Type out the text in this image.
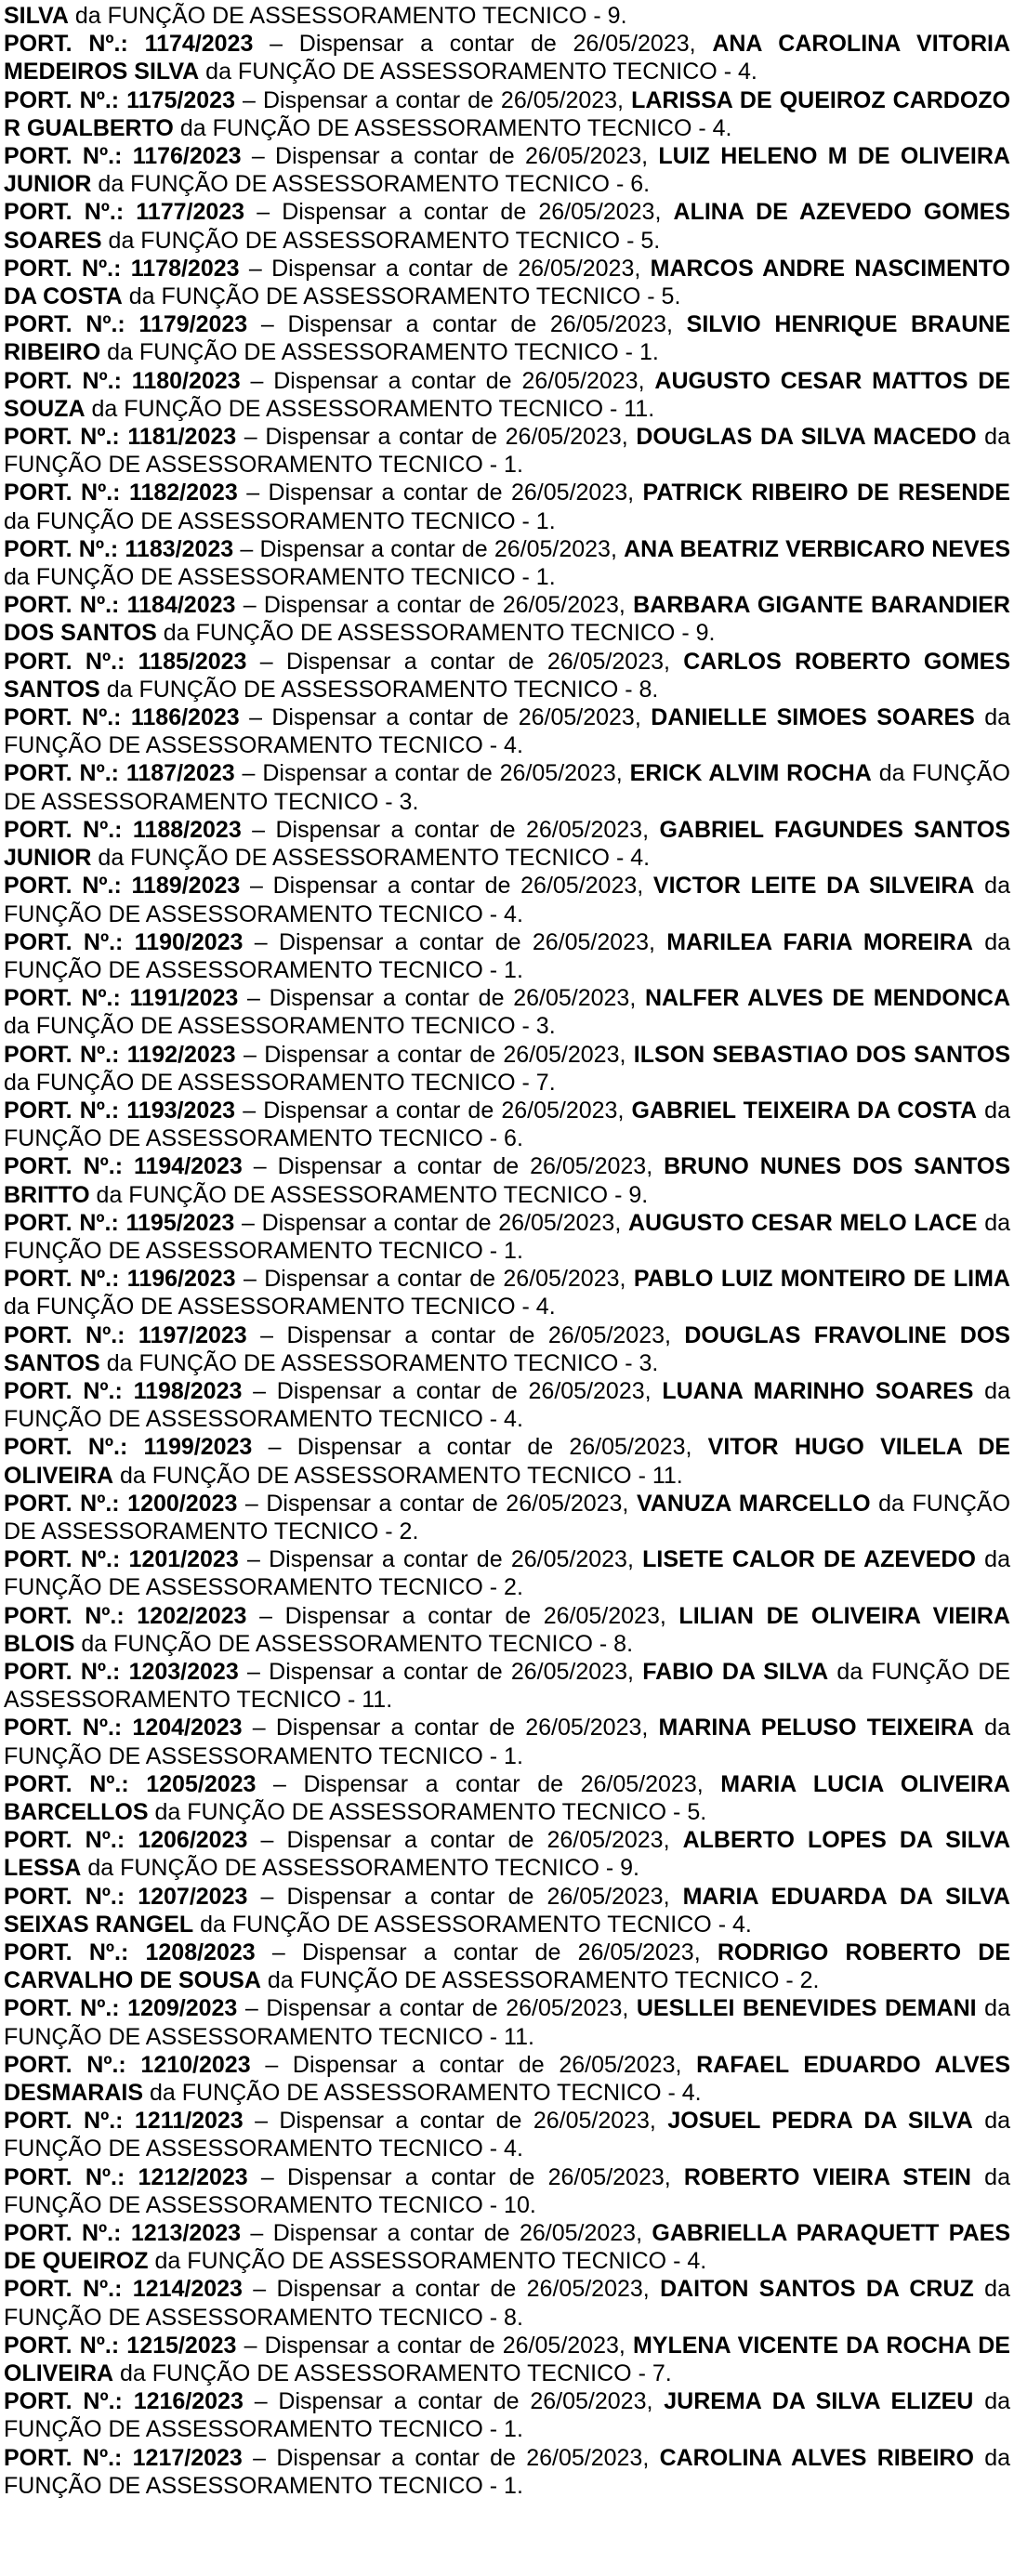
SILVA da FUNÇÃO DE ASSESSORAMENTO TECNICO - 9.

PORT. Nº.: 1174/2023 – Dispensar a contar de 26/05/2023, ANA CAROLINA VITORIA MEDEIROS SILVA da FUNÇÃO DE ASSESSORAMENTO TECNICO - 4.

PORT. Nº.: 1175/2023 – Dispensar a contar de 26/05/2023, LARISSA DE QUEIROZ CARDOZO R GUALBERTO da FUNÇÃO DE ASSESSORAMENTO TECNICO - 4.

PORT. Nº.: 1176/2023 – Dispensar a contar de 26/05/2023, LUIZ HELENO M DE OLIVEIRA JUNIOR da FUNÇÃO DE ASSESSORAMENTO TECNICO - 6.

PORT. Nº.: 1177/2023 – Dispensar a contar de 26/05/2023, ALINA DE AZEVEDO GOMES SOARES da FUNÇÃO DE ASSESSORAMENTO TECNICO - 5.

PORT. Nº.: 1178/2023 – Dispensar a contar de 26/05/2023, MARCOS ANDRE NASCIMENTO DA COSTA da FUNÇÃO DE ASSESSORAMENTO TECNICO - 5.

PORT. Nº.: 1179/2023 – Dispensar a contar de 26/05/2023, SILVIO HENRIQUE BRAUNE RIBEIRO da FUNÇÃO DE ASSESSORAMENTO TECNICO - 1.

PORT. Nº.: 1180/2023 – Dispensar a contar de 26/05/2023, AUGUSTO CESAR MATTOS DE SOUZA da FUNÇÃO DE ASSESSORAMENTO TECNICO - 11.

PORT. Nº.: 1181/2023 – Dispensar a contar de 26/05/2023, DOUGLAS DA SILVA MACEDO da FUNÇÃO DE ASSESSORAMENTO TECNICO - 1.

PORT. Nº.: 1182/2023 – Dispensar a contar de 26/05/2023, PATRICK RIBEIRO DE RESENDE da FUNÇÃO DE ASSESSORAMENTO TECNICO - 1.

PORT. Nº.: 1183/2023 – Dispensar a contar de 26/05/2023, ANA BEATRIZ VERBICARO NEVES da FUNÇÃO DE ASSESSORAMENTO TECNICO - 1.

PORT. Nº.: 1184/2023 – Dispensar a contar de 26/05/2023, BARBARA GIGANTE BARANDIER DOS SANTOS da FUNÇÃO DE ASSESSORAMENTO TECNICO - 9.

PORT. Nº.: 1185/2023 – Dispensar a contar de 26/05/2023, CARLOS ROBERTO GOMES SANTOS da FUNÇÃO DE ASSESSORAMENTO TECNICO - 8.

PORT. Nº.: 1186/2023 – Dispensar a contar de 26/05/2023, DANIELLE SIMOES SOARES da FUNÇÃO DE ASSESSORAMENTO TECNICO - 4.

PORT. Nº.: 1187/2023 – Dispensar a contar de 26/05/2023, ERICK ALVIM ROCHA da FUNÇÃO DE ASSESSORAMENTO TECNICO - 3.

PORT. Nº.: 1188/2023 – Dispensar a contar de 26/05/2023, GABRIEL FAGUNDES SANTOS JUNIOR da FUNÇÃO DE ASSESSORAMENTO TECNICO - 4.

PORT. Nº.: 1189/2023 – Dispensar a contar de 26/05/2023, VICTOR LEITE DA SILVEIRA da FUNÇÃO DE ASSESSORAMENTO TECNICO - 4.

PORT. Nº.: 1190/2023 – Dispensar a contar de 26/05/2023, MARILEA FARIA MOREIRA da FUNÇÃO DE ASSESSORAMENTO TECNICO - 1.

PORT. Nº.: 1191/2023 – Dispensar a contar de 26/05/2023, NALFER ALVES DE MENDONCA da FUNÇÃO DE ASSESSORAMENTO TECNICO - 3.

PORT. Nº.: 1192/2023 – Dispensar a contar de 26/05/2023, ILSON SEBASTIAO DOS SANTOS da FUNÇÃO DE ASSESSORAMENTO TECNICO - 7.

PORT. Nº.: 1193/2023 – Dispensar a contar de 26/05/2023, GABRIEL TEIXEIRA DA COSTA da FUNÇÃO DE ASSESSORAMENTO TECNICO - 6.

PORT. Nº.: 1194/2023 – Dispensar a contar de 26/05/2023, BRUNO NUNES DOS SANTOS BRITTO da FUNÇÃO DE ASSESSORAMENTO TECNICO - 9.

PORT. Nº.: 1195/2023 – Dispensar a contar de 26/05/2023, AUGUSTO CESAR MELO LACE da FUNÇÃO DE ASSESSORAMENTO TECNICO - 1.

PORT. Nº.: 1196/2023 – Dispensar a contar de 26/05/2023, PABLO LUIZ MONTEIRO DE LIMA da FUNÇÃO DE ASSESSORAMENTO TECNICO - 4.

PORT. Nº.: 1197/2023 – Dispensar a contar de 26/05/2023, DOUGLAS FRAVOLINE DOS SANTOS da FUNÇÃO DE ASSESSORAMENTO TECNICO - 3.

PORT. Nº.: 1198/2023 – Dispensar a contar de 26/05/2023, LUANA MARINHO SOARES da FUNÇÃO DE ASSESSORAMENTO TECNICO - 4.

PORT. Nº.: 1199/2023 – Dispensar a contar de 26/05/2023, VITOR HUGO VILELA DE OLIVEIRA da FUNÇÃO DE ASSESSORAMENTO TECNICO - 11.

PORT. Nº.: 1200/2023 – Dispensar a contar de 26/05/2023, VANUZA MARCELLO da FUNÇÃO DE ASSESSORAMENTO TECNICO - 2.

PORT. Nº.: 1201/2023 – Dispensar a contar de 26/05/2023, LISETE CALOR DE AZEVEDO da FUNÇÃO DE ASSESSORAMENTO TECNICO - 2.

PORT. Nº.: 1202/2023 – Dispensar a contar de 26/05/2023, LILIAN DE OLIVEIRA VIEIRA BLOIS da FUNÇÃO DE ASSESSORAMENTO TECNICO - 8.

PORT. Nº.: 1203/2023 – Dispensar a contar de 26/05/2023, FABIO DA SILVA da FUNÇÃO DE ASSESSORAMENTO TECNICO - 11.

PORT. Nº.: 1204/2023 – Dispensar a contar de 26/05/2023, MARINA PELUSO TEIXEIRA da FUNÇÃO DE ASSESSORAMENTO TECNICO - 1.

PORT. Nº.: 1205/2023 – Dispensar a contar de 26/05/2023, MARIA LUCIA OLIVEIRA BARCELLOS da FUNÇÃO DE ASSESSORAMENTO TECNICO - 5.

PORT. Nº.: 1206/2023 – Dispensar a contar de 26/05/2023, ALBERTO LOPES DA SILVA LESSA da FUNÇÃO DE ASSESSORAMENTO TECNICO - 9.

PORT. Nº.: 1207/2023 – Dispensar a contar de 26/05/2023, MARIA EDUARDA DA SILVA SEIXAS RANGEL da FUNÇÃO DE ASSESSORAMENTO TECNICO - 4.

PORT. Nº.: 1208/2023 – Dispensar a contar de 26/05/2023, RODRIGO ROBERTO DE CARVALHO DE SOUSA da FUNÇÃO DE ASSESSORAMENTO TECNICO - 2.

PORT. Nº.: 1209/2023 – Dispensar a contar de 26/05/2023, UESLLEI BENEVIDES DEMANI da FUNÇÃO DE ASSESSORAMENTO TECNICO - 11.

PORT. Nº.: 1210/2023 – Dispensar a contar de 26/05/2023, RAFAEL EDUARDO ALVES DESMARAIS da FUNÇÃO DE ASSESSORAMENTO TECNICO - 4.

PORT. Nº.: 1211/2023 – Dispensar a contar de 26/05/2023, JOSUEL PEDRA DA SILVA da FUNÇÃO DE ASSESSORAMENTO TECNICO - 4.

PORT. Nº.: 1212/2023 – Dispensar a contar de 26/05/2023, ROBERTO VIEIRA STEIN da FUNÇÃO DE ASSESSORAMENTO TECNICO - 10.

PORT. Nº.: 1213/2023 – Dispensar a contar de 26/05/2023, GABRIELLA PARAQUETT PAES DE QUEIROZ da FUNÇÃO DE ASSESSORAMENTO TECNICO - 4.

PORT. Nº.: 1214/2023 – Dispensar a contar de 26/05/2023, DAITON SANTOS DA CRUZ da FUNÇÃO DE ASSESSORAMENTO TECNICO - 8.

PORT. Nº.: 1215/2023 – Dispensar a contar de 26/05/2023, MYLENA VICENTE DA ROCHA DE OLIVEIRA da FUNÇÃO DE ASSESSORAMENTO TECNICO - 7.

PORT. Nº.: 1216/2023 – Dispensar a contar de 26/05/2023, JUREMA DA SILVA ELIZEU da FUNÇÃO DE ASSESSORAMENTO TECNICO - 1.

PORT. Nº.: 1217/2023 – Dispensar a contar de 26/05/2023, CAROLINA ALVES RIBEIRO da FUNÇÃO DE ASSESSORAMENTO TECNICO - 1.
